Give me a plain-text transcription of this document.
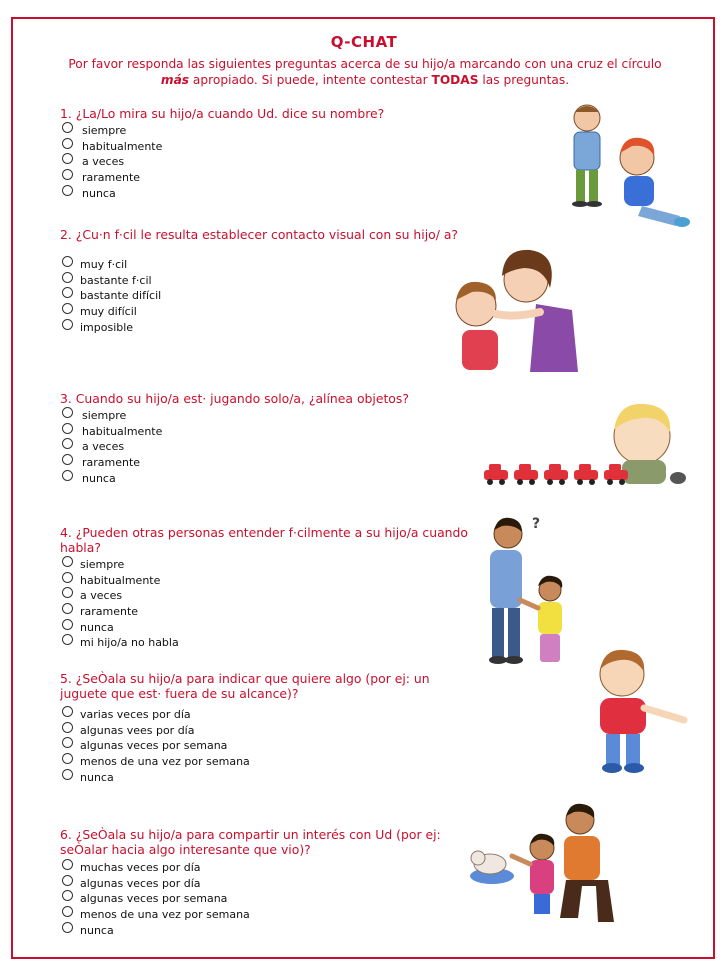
Q-CHAT
Por favor responda las siguientes preguntas acerca de su hijo/a marcando con una cruz el círculo más apropiado. Si puede, intente contestar TODAS las preguntas.
1. ¿La/Lo mira su hijo/a cuando Ud. dice su nombre?
siempre
habitualmente
a veces
raramente
nunca
2. ¿Cu·n f·cil le resulta establecer contacto visual con su hijo/ a?
muy f·cil
bastante f·cil
bastante difícil
muy difícil
imposible
3. Cuando su hijo/a est· jugando solo/a, ¿alínea objetos?
siempre
habitualmente
a veces
raramente
nunca
4. ¿Pueden otras personas entender f·cilmente a su hijo/a cuando habla?
siempre
habitualmente
a veces
raramente
nunca
mi hijo/a no habla
5. ¿SeÒala su hijo/a para indicar que quiere algo (por ej: un juguete que est· fuera de su alcance)?
varias veces por día
algunas vees por día
algunas veces por semana
menos de una vez por semana
nunca
6. ¿SeÒala su hijo/a para compartir un interés con Ud (por ej: seÒalar hacia algo interesante que vio)?
muchas veces por día
algunas veces por día
algunas veces por semana
menos de una vez por semana
nunca
?
